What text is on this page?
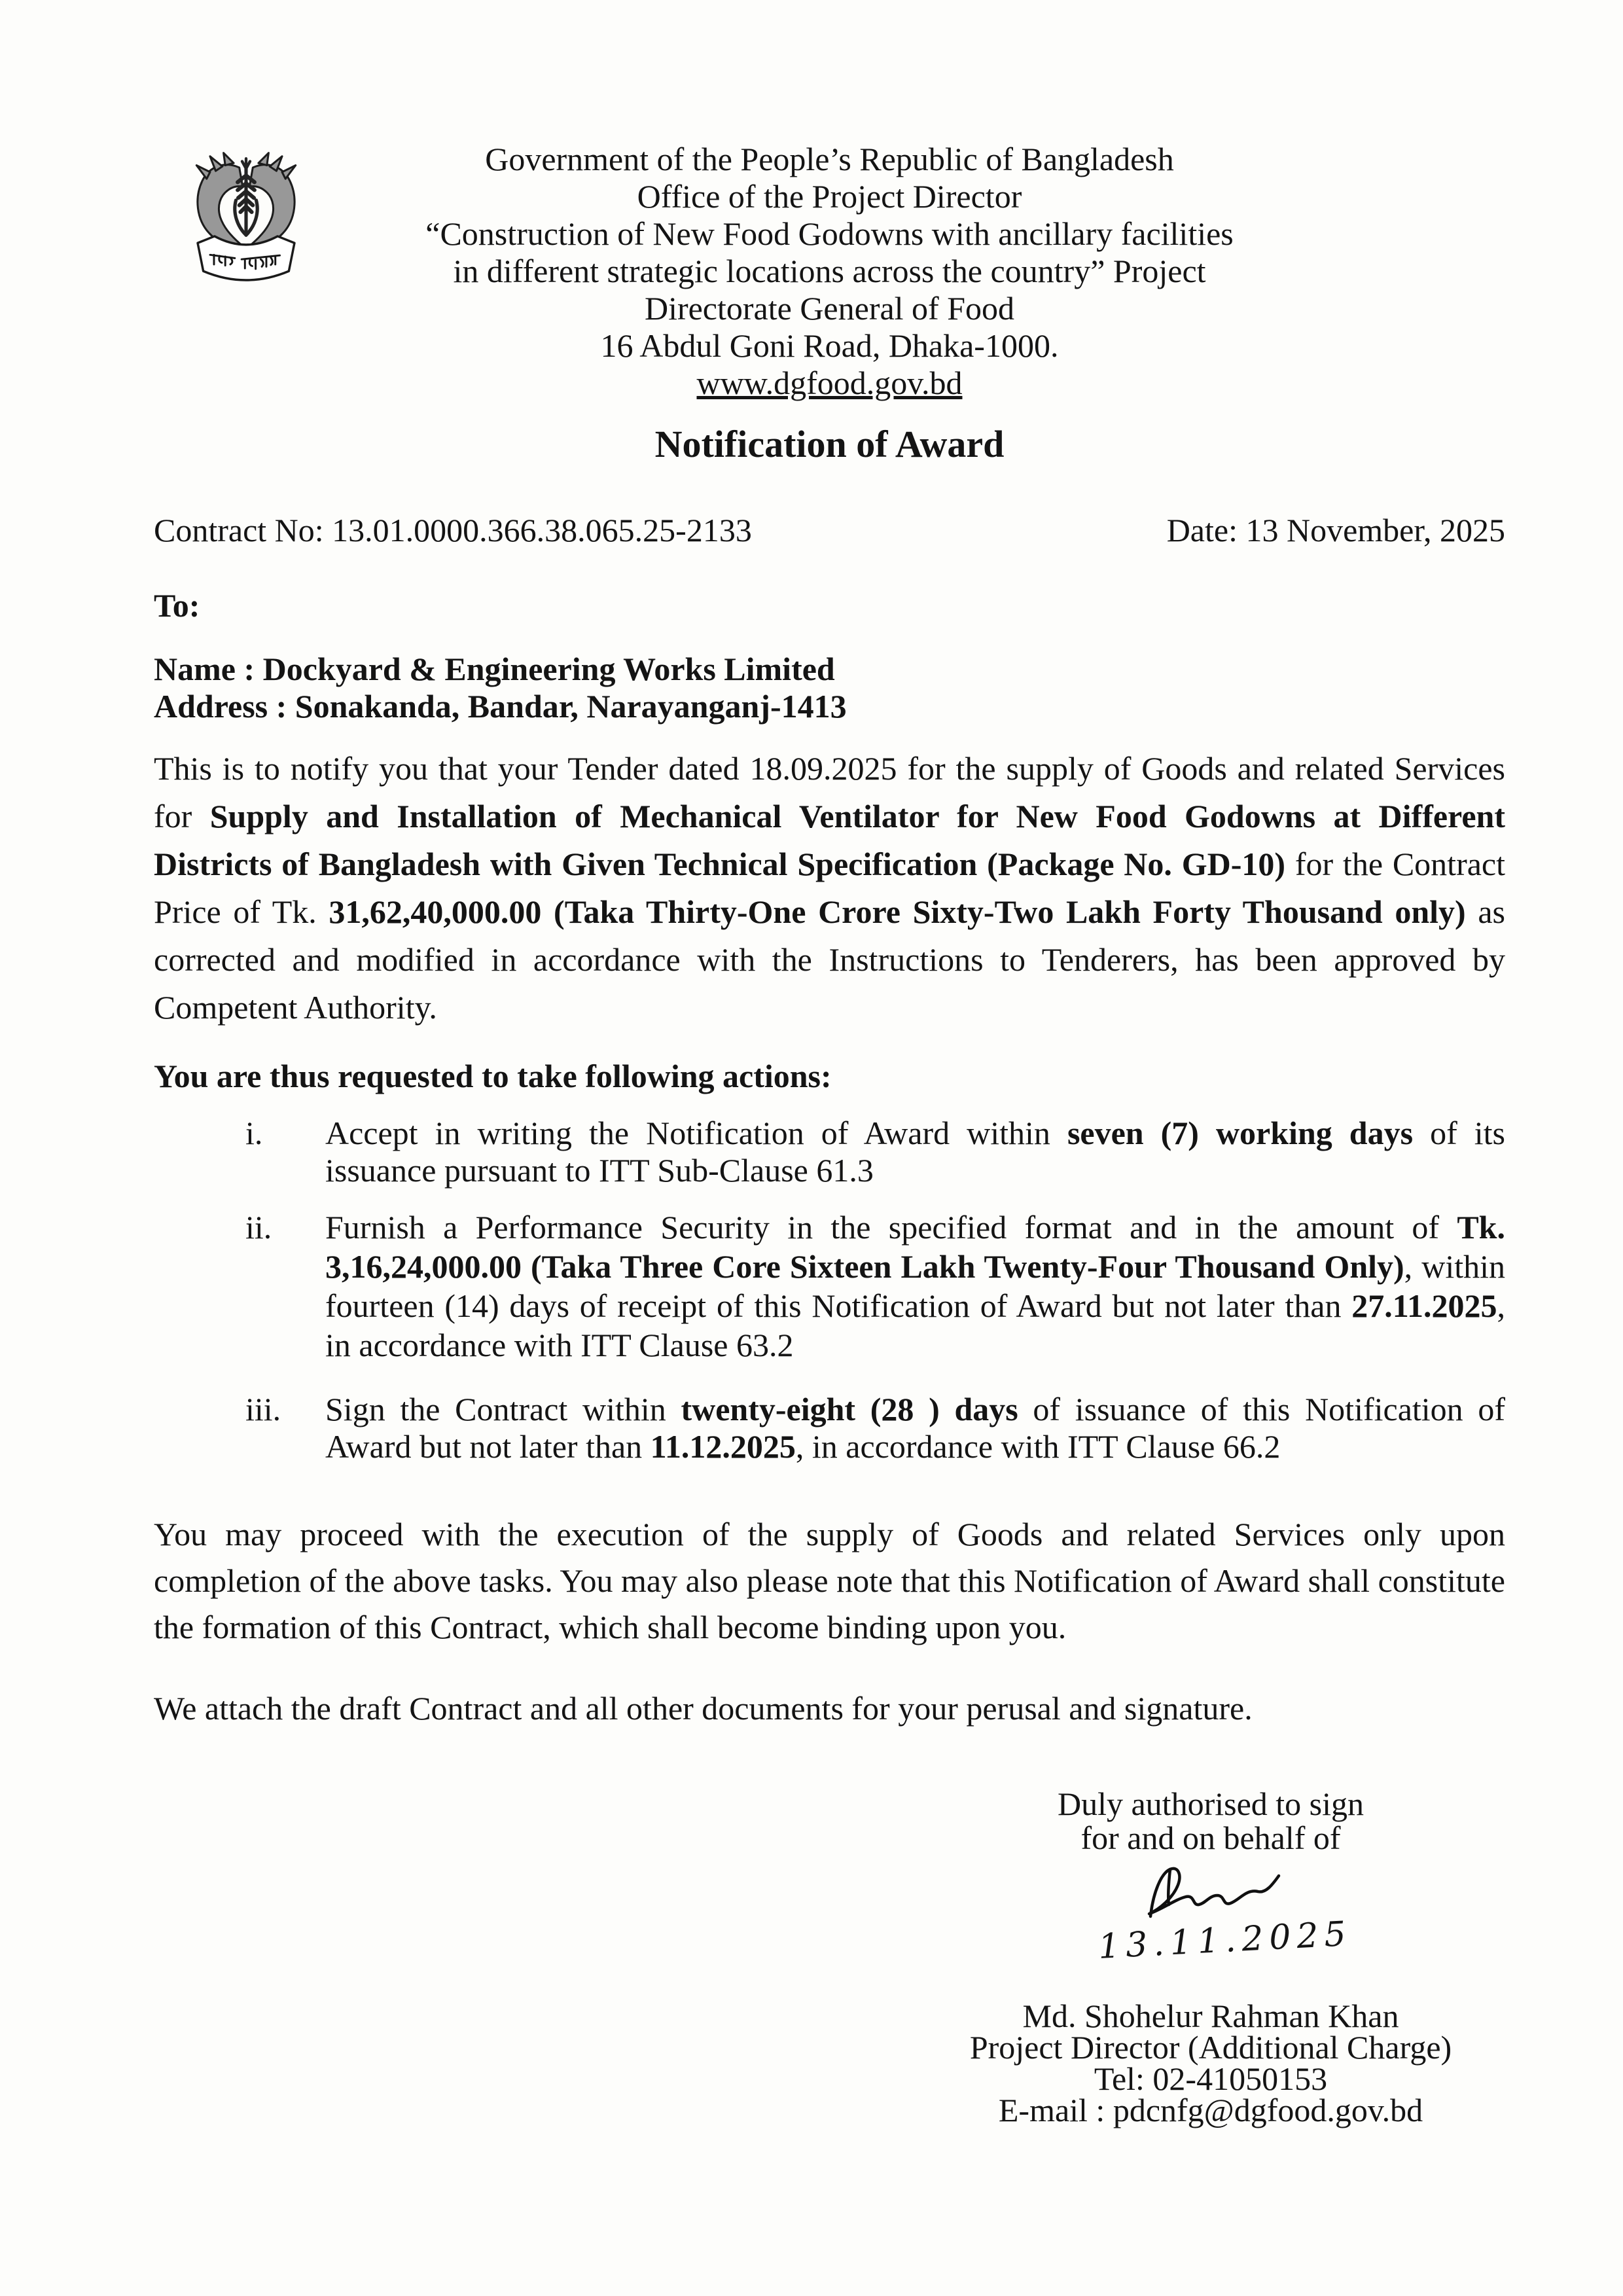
Government of the People’s Republic of Bangladesh
Office of the Project Director
“Construction of New Food Godowns with ancillary facilities
in different strategic locations across the country” Project
Directorate General of Food
16 Abdul Goni Road, Dhaka-1000.
www.dgfood.gov.bd
Notification of Award
Contract No: 13.01.0000.366.38.065.25-2133	Date: 13 November, 2025
To:
Name : Dockyard & Engineering Works Limited
Address : Sonakanda, Bandar, Narayanganj-1413
This is to notify you that your Tender dated 18.09.2025 for the supply of Goods and related Services for Supply and Installation of Mechanical Ventilator for New Food Godowns at Different Districts of Bangladesh with Given Technical Specification (Package No. GD-10) for the Contract Price of Tk. 31,62,40,000.00 (Taka Thirty-One Crore Sixty-Two Lakh Forty Thousand only) as corrected and modified in accordance with the Instructions to Tenderers, has been approved by Competent Authority.
You are thus requested to take following actions:
i. Accept in writing the Notification of Award within seven (7) working days of its issuance pursuant to ITT Sub-Clause 61.3
ii. Furnish a Performance Security in the specified format and in the amount of Tk. 3,16,24,000.00 (Taka Three Core Sixteen Lakh Twenty-Four Thousand Only), within fourteen (14) days of receipt of this Notification of Award but not later than 27.11.2025, in accordance with ITT Clause 63.2
iii. Sign the Contract within twenty-eight (28 ) days of issuance of this Notification of Award but not later than 11.12.2025, in accordance with ITT Clause 66.2
You may proceed with the execution of the supply of Goods and related Services only upon completion of the above tasks. You may also please note that this Notification of Award shall constitute the formation of this Contract, which shall become binding upon you.
We attach the draft Contract and all other documents for your perusal and signature.
Duly authorised to sign
for and on behalf of
13.11.2025
Md. Shohelur Rahman Khan
Project Director (Additional Charge)
Tel: 02-41050153
E-mail : pdcnfg@dgfood.gov.bd
